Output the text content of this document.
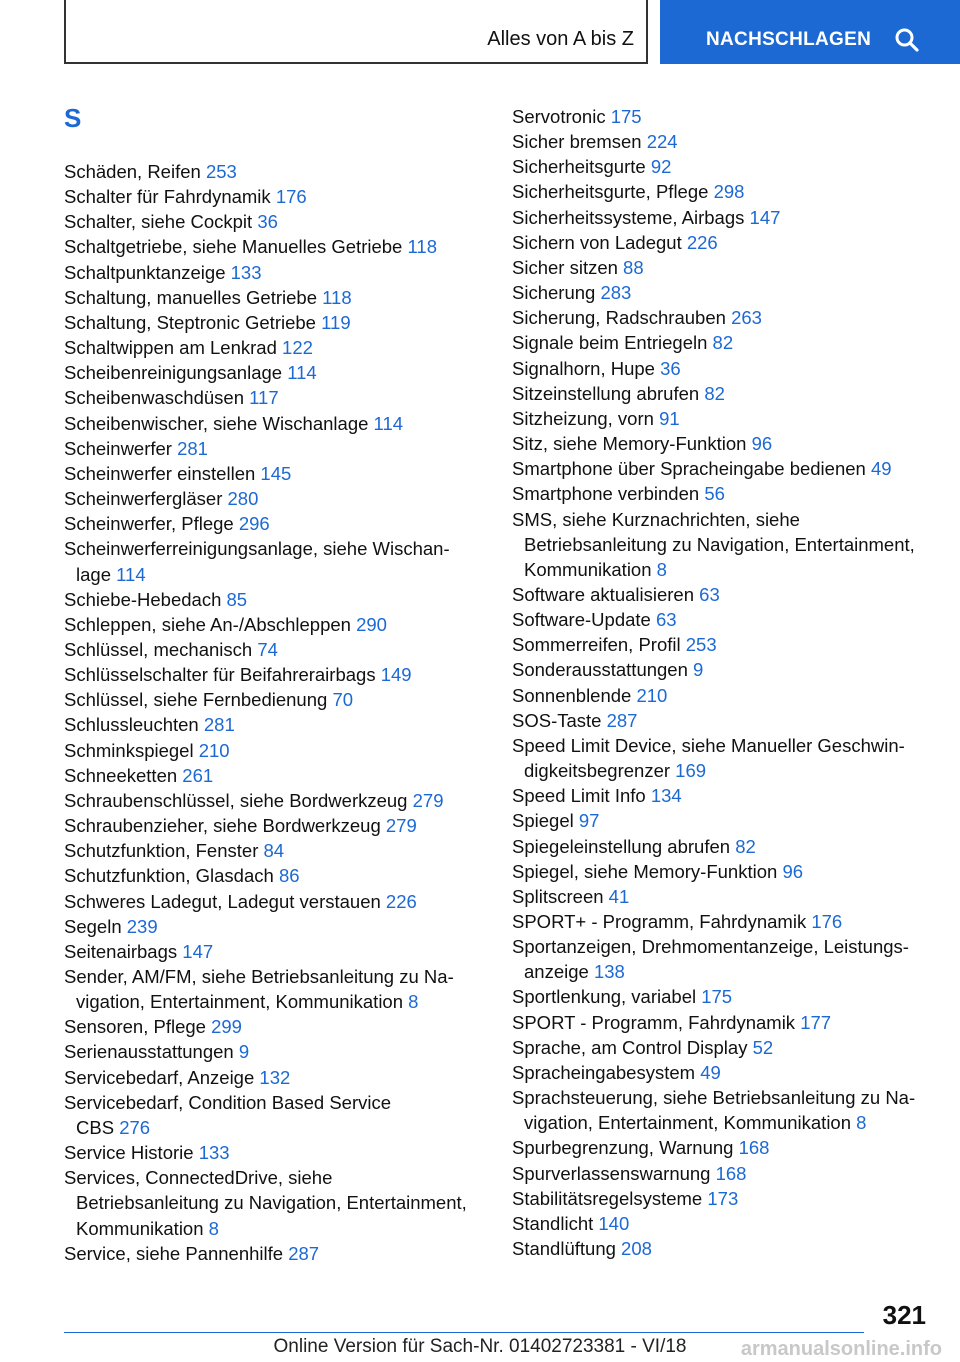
Alles von A bis Z	NACHSCHLAGEN
S
Schäden, Reifen 253
Schalter für Fahrdynamik 176
Schalter, siehe Cockpit 36
Schaltgetriebe, siehe Manuelles Getriebe 118
Schaltpunktanzeige 133
Schaltung, manuelles Getriebe 118
Schaltung, Steptronic Getriebe 119
Schaltwippen am Lenkrad 122
Scheibenreinigungsanlage 114
Scheibenwaschdüsen 117
Scheibenwischer, siehe Wischanlage 114
Scheinwerfer 281
Scheinwerfer einstellen 145
Scheinwerfergläser 280
Scheinwerfer, Pflege 296
Scheinwerferreinigungsanlage, siehe Wischan-
lage 114
Schiebe-Hebedach 85
Schleppen, siehe An-/Abschleppen 290
Schlüssel, mechanisch 74
Schlüsselschalter für Beifahrerairbags 149
Schlüssel, siehe Fernbedienung 70
Schlussleuchten 281
Schminkspiegel 210
Schneeketten 261
Schraubenschlüssel, siehe Bordwerkzeug 279
Schraubenzieher, siehe Bordwerkzeug 279
Schutzfunktion, Fenster 84
Schutzfunktion, Glasdach 86
Schweres Ladegut, Ladegut verstauen 226
Segeln 239
Seitenairbags 147
Sender, AM/FM, siehe Betriebsanleitung zu Na-
vigation, Entertainment, Kommunikation 8
Sensoren, Pflege 299
Serienausstattungen 9
Servicebedarf, Anzeige 132
Servicebedarf, Condition Based Service
CBS 276
Service Historie 133
Services, ConnectedDrive, siehe
Betriebsanleitung zu Navigation, Entertainment,
Kommunikation 8
Service, siehe Pannenhilfe 287
Servotronic 175
Sicher bremsen 224
Sicherheitsgurte 92
Sicherheitsgurte, Pflege 298
Sicherheitssysteme, Airbags 147
Sichern von Ladegut 226
Sicher sitzen 88
Sicherung 283
Sicherung, Radschrauben 263
Signale beim Entriegeln 82
Signalhorn, Hupe 36
Sitzeinstellung abrufen 82
Sitzheizung, vorn 91
Sitz, siehe Memory-Funktion 96
Smartphone über Spracheingabe bedienen 49
Smartphone verbinden 56
SMS, siehe Kurznachrichten, siehe
Betriebsanleitung zu Navigation, Entertainment,
Kommunikation 8
Software aktualisieren 63
Software-Update 63
Sommerreifen, Profil 253
Sonderausstattungen 9
Sonnenblende 210
SOS-Taste 287
Speed Limit Device, siehe Manueller Geschwin-
digkeitsbegrenzer 169
Speed Limit Info 134
Spiegel 97
Spiegeleinstellung abrufen 82
Spiegel, siehe Memory-Funktion 96
Splitscreen 41
SPORT+ - Programm, Fahrdynamik 176
Sportanzeigen, Drehmomentanzeige, Leistungs-
anzeige 138
Sportlenkung, variabel 175
SPORT - Programm, Fahrdynamik 177
Sprache, am Control Display 52
Spracheingabesystem 49
Sprachsteuerung, siehe Betriebsanleitung zu Na-
vigation, Entertainment, Kommunikation 8
Spurbegrenzung, Warnung 168
Spurverlassenswarnung 168
Stabilitätsregelsysteme 173
Standlicht 140
Standlüftung 208
321
Online Version für Sach-Nr. 01402723381 - VI/18	armanualsonline.info
